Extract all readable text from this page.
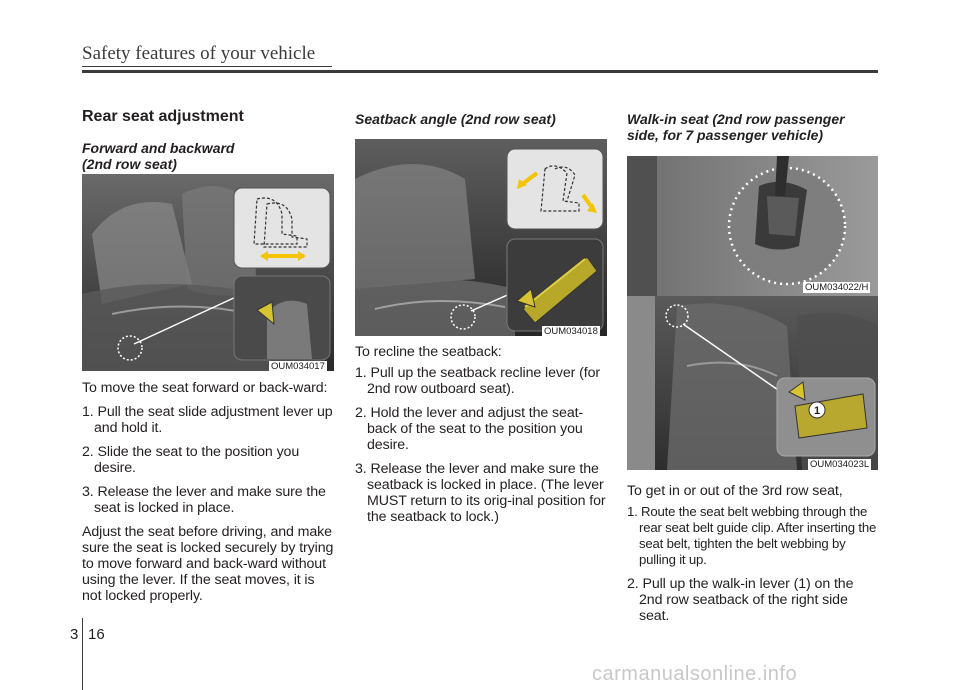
Safety features of your vehicle
Rear seat adjustment
Forward and backward
(2nd row seat)
OUM034017

To move the seat forward or back-ward:

1. Pull the seat slide adjustment lever up and hold it.

2. Slide the seat to the position you desire.

3. Release the lever and make sure the seat is locked in place.

Adjust the seat before driving, and make sure the seat is locked securely by trying to move forward and back-ward without using the lever. If the seat moves, it is not locked properly.

Seatback angle (2nd row seat)
OUM034018

To recline the seatback:

1. Pull up the seatback recline lever (for 2nd row outboard seat).

2. Hold the lever and adjust the seat-back of the seat to the position you desire.

3. Release the lever and make sure the seatback is locked in place. (The lever MUST return to its orig-inal position for the seatback to lock.)

Walk-in seat (2nd row passenger
side, for 7 passenger vehicle)
OUM034022/H
1
OUM034023L

To get in or out of the 3rd row seat,

1. Route the seat belt webbing through the rear seat belt guide clip. After inserting the seat belt, tighten the belt webbing by pulling it up.

2. Pull up the walk-in lever (1) on the 2nd row seatback of the right side seat.

3 16
carmanualsonline.info
